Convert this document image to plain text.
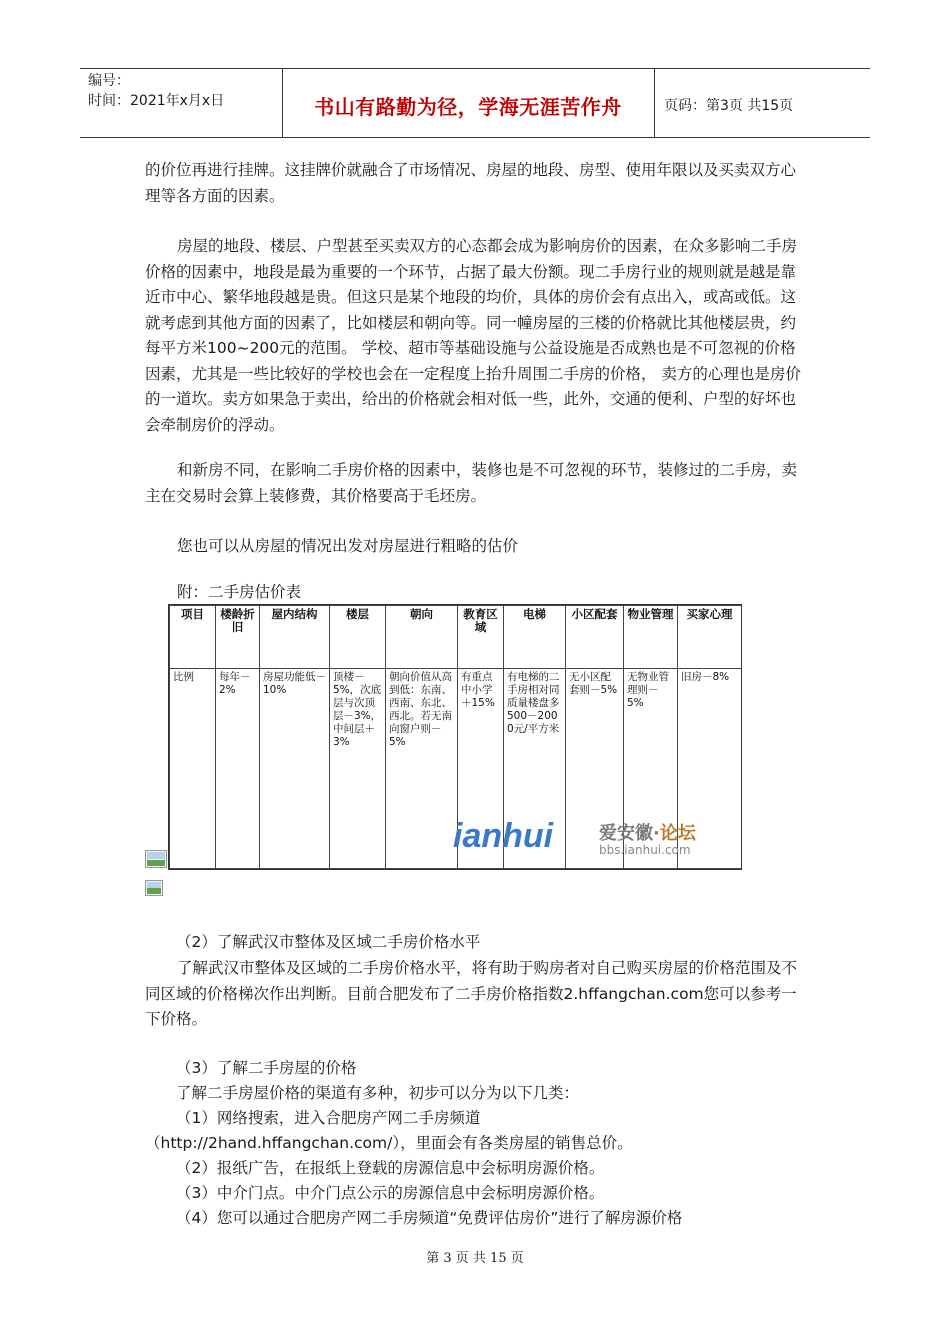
编号：
时间：2021年x月x日	书山有路勤为径，学海无涯苦作舟	页码：第3页 共15页

的价位再进行挂牌。这挂牌价就融合了市场情况、房屋的地段、房型、使用年限以及买卖双方心理等各方面的因素。

房屋的地段、楼层、户型甚至买卖双方的心态都会成为影响房价的因素，在众多影响二手房价格的因素中，地段是最为重要的一个环节，占据了最大份额。现二手房行业的规则就是越是靠近市中心、繁华地段越是贵。但这只是某个地段的均价，具体的房价会有点出入，或高或低。这就考虑到其他方面的因素了，比如楼层和朝向等。同一幢房屋的三楼的价格就比其他楼层贵，约每平方米100~200元的范围。 学校、超市等基础设施与公益设施是否成熟也是不可忽视的价格因素，尤其是一些比较好的学校也会在一定程度上抬升周围二手房的价格， 卖方的心理也是房价的一道坎。卖方如果急于卖出，给出的价格就会相对低一些，此外，交通的便利、户型的好坏也会牵制房价的浮动。

和新房不同，在影响二手房价格的因素中，装修也是不可忽视的环节，装修过的二手房，卖主在交易时会算上装修费，其价格要高于毛坯房。

您也可以从房屋的情况出发对房屋进行粗略的估价

附：二手房估价表

项目	楼龄折旧	屋内结构	楼层	朝向	教育区域	电梯	小区配套	物业管理	买家心理
比例	每年－2%	房屋功能低－10%	顶楼－5%，次底层与次顶层－3%，中间层＋3%	朝向价值从高到低：东南、西南、东北、西北。若无南向窗户则－5%	有重点中小学＋15%	有电梯的二手房相对同质量楼盘多500－2000元/平方米	无小区配套则－5%	无物业管理则－5%	旧房－8%
ianhui	爱安徽·论坛
bbs.ianhui.com

（2）了解武汉市整体及区域二手房价格水平

了解武汉市整体及区域的二手房价格水平，将有助于购房者对自己购买房屋的价格范围及不同区域的价格梯次作出判断。目前合肥发布了二手房价格指数2.hffangchan.com您可以参考一下价格。

（3）了解二手房屋的价格

了解二手房屋价格的渠道有多种，初步可以分为以下几类：

（1）网络搜索，进入合肥房产网二手房频道

（http://2hand.hffangchan.com/），里面会有各类房屋的销售总价。

（2）报纸广告，在报纸上登载的房源信息中会标明房源价格。

（3）中介门点。中介门点公示的房源信息中会标明房源价格。

（4）您可以通过合肥房产网二手房频道“免费评估房价”进行了解房源价格

第 3 页 共 15 页
